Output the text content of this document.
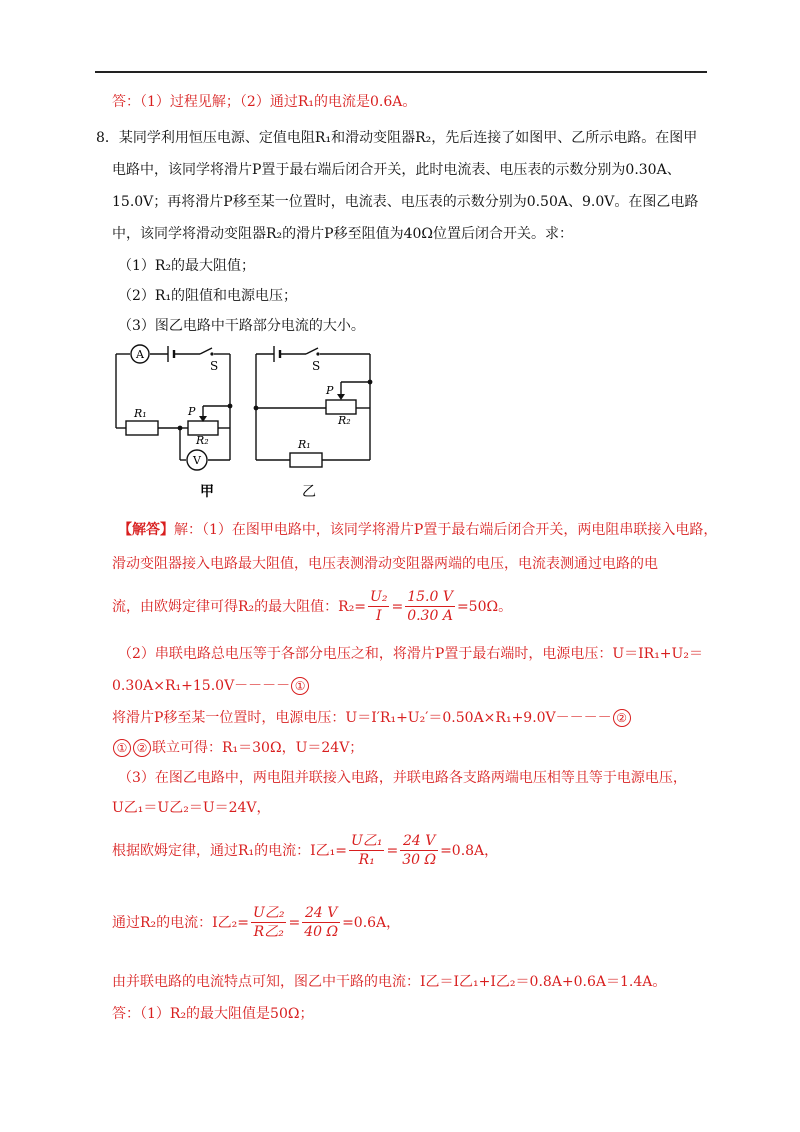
答：（1）过程见解；（2）通过R₁的电流是0.6A。
8．某同学利用恒压电源、定值电阻R₁和滑动变阻器R₂，先后连接了如图甲、乙所示电路。在图甲
电路中，该同学将滑片P置于最右端后闭合开关，此时电流表、电压表的示数分别为0.30A、
15.0V；再将滑片P移至某一位置时，电流表、电压表的示数分别为0.50A、9.0V。在图乙电路
中，该同学将滑动变阻器R₂的滑片P移至阻值为40Ω位置后闭合开关。求：
（1）R₂的最大阻值；
（2）R₁的阻值和电源电压；
（3）图乙电路中干路部分电流的大小。
A
V
S
R₁	P
R₂
甲
S
P
R₂
R₁
乙
【解答】解：（1）在图甲电路中，该同学将滑片P置于最右端后闭合开关，两电阻串联接入电路，
滑动变阻器接入电路最大阻值，电压表测滑动变阻器两端的电压，电流表测通过电路的电
流，由欧姆定律可得R₂的最大阻值：$R_2= \frac{\text{U₂}}{I} = \frac{15.0 V}{0.30 A} =50\Omega$。
（2）串联电路总电压等于各部分电压之和，将滑片P置于最右端时，电源电压：U＝IR₁+U₂＝
0.30A×R₁+15.0V－－－－ ①
将滑片P移至某一位置时，电源电压：U＝I′R₁+U₂′＝0.50A×R₁+9.0V－－－－ ②
① ② 联立可得：R₁＝30Ω，U＝24V；
（3）在图乙电路中，两电阻并联接入电路，并联电路各支路两端电压相等且等于电源电压，
U乙₁＝U乙₂＝U＝24V，
根据欧姆定律，通过R₁的电流：I乙$_1= \frac{\text{U乙₁}}{\text{R₁}} = \frac{24 V}{30 \Omega} =0.8A$，
通过R₂的电流：I乙$_2= \frac{\text{U乙₂}}{\text{R乙₂}} = \frac{24 V}{40 \Omega} =0.6A$，
由并联电路的电流特点可知，图乙中干路的电流：I乙＝I乙₁+I乙₂＝0.8A+0.6A＝1.4A。
答：（1）R₂的最大阻值是50Ω；
